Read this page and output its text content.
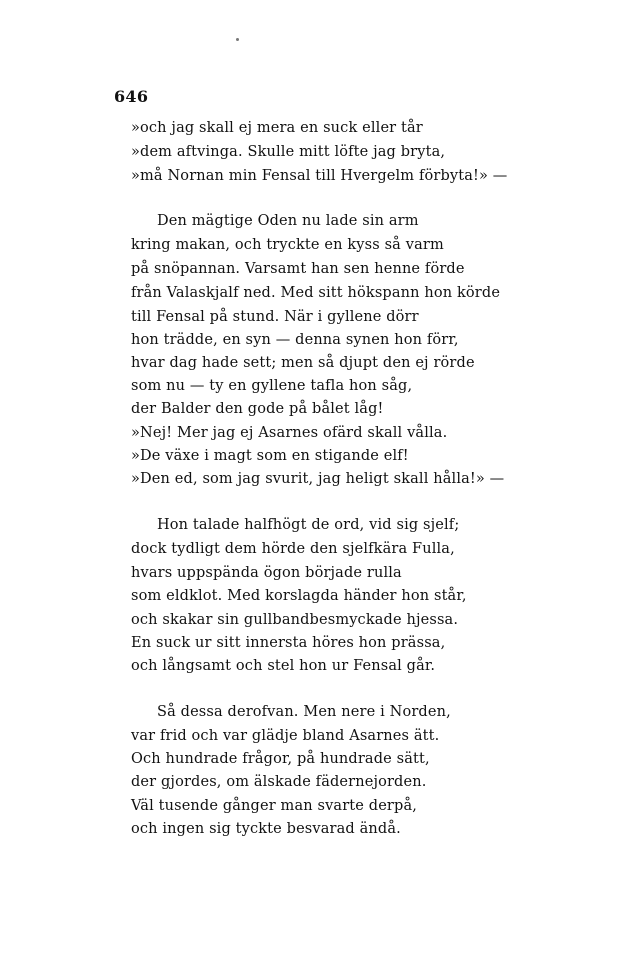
646
»och jag skall ej mera en suck eller tår
»dem aftvinga. Skulle mitt löfte jag bryta,
»må Nornan min Fensal till Hvergelm förbyta!» —
Den mägtige Oden nu lade sin arm
kring makan, och tryckte en kyss så varm
på snöpannan. Varsamt han sen henne förde
från Valaskjalf ned. Med sitt hökspann hon körde
till Fensal på stund. När i gyllene dörr
hon trädde, en syn — denna synen hon förr,
hvar dag hade sett; men så djupt den ej rörde
som nu — ty en gyllene tafla hon såg,
der Balder den gode på bålet låg!
»Nej! Mer jag ej Asarnes ofärd skall vålla.
»De växe i magt som en stigande elf!
»Den ed, som jag svurit, jag heligt skall hålla!» —
Hon talade halfhögt de ord, vid sig sjelf;
dock tydligt dem hörde den sjelfkära Fulla,
hvars uppspända ögon började rulla
som eldklot. Med korslagda händer hon står,
och skakar sin gullbandbesmyckade hjessa.
En suck ur sitt innersta höres hon prässa,
och långsamt och stel hon ur Fensal går.
Så dessa derofvan. Men nere i Norden,
var frid och var glädje bland Asarnes ätt.
Och hundrade frågor, på hundrade sätt,
der gjordes, om älskade fädernejorden.
Väl tusende gånger man svarte derpå,
och ingen sig tyckte besvarad ändå.
